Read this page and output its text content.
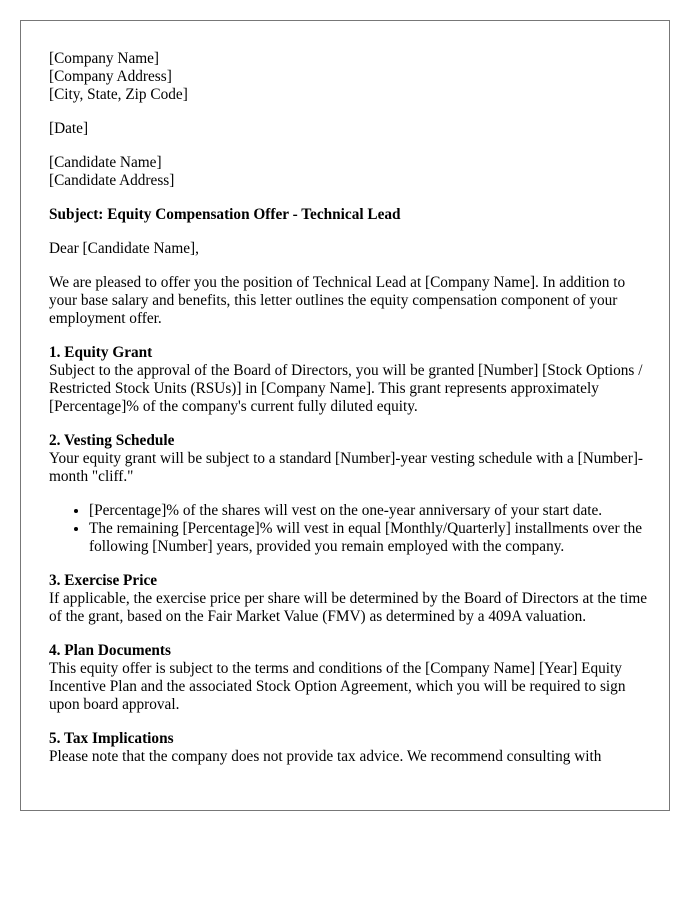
[Company Name]
[Company Address]
[City, State, Zip Code]
[Date]
[Candidate Name]
[Candidate Address]

Subject: Equity Compensation Offer - Technical Lead

Dear [Candidate Name],

We are pleased to offer you the position of Technical Lead at [Company Name]. In addition to your base salary and benefits, this letter outlines the equity compensation component of your employment offer.

1. Equity Grant

Subject to the approval of the Board of Directors, you will be granted [Number] [Stock Options / Restricted Stock Units (RSUs)] in [Company Name]. This grant represents approximately [Percentage]% of the company's current fully diluted equity.

2. Vesting Schedule

Your equity grant will be subject to a standard [Number]-year vesting schedule with a [Number]-month "cliff."

• [Percentage]% of the shares will vest on the one-year anniversary of your start date.
• The remaining [Percentage]% will vest in equal [Monthly/Quarterly] installments over the following [Number] years, provided you remain employed with the company.
3. Exercise Price

If applicable, the exercise price per share will be determined by the Board of Directors at the time of the grant, based on the Fair Market Value (FMV) as determined by a 409A valuation.

4. Plan Documents

This equity offer is subject to the terms and conditions of the [Company Name] [Year] Equity Incentive Plan and the associated Stock Option Agreement, which you will be required to sign upon board approval.

5. Tax Implications

Please note that the company does not provide tax advice. We recommend consulting with
